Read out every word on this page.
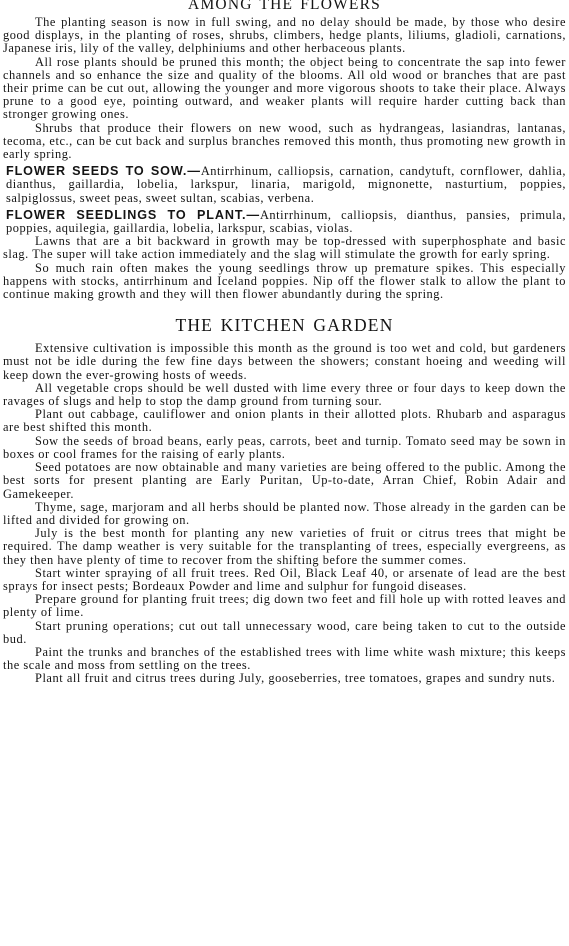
AMONG THE FLOWERS

The planting season is now in full swing, and no delay should be made, by those who desire good displays, in the planting of roses, shrubs, climbers, hedge plants, liliums, gladioli, carnations, Japanese iris, lily of the valley, delphiniums and other herbaceous plants.

All rose plants should be pruned this month; the object being to concentrate the sap into fewer channels and so enhance the size and quality of the blooms. All old wood or branches that are past their prime can be cut out, allowing the younger and more vigorous shoots to take their place. Always prune to a good eye, pointing outward, and weaker plants will require harder cutting back than stronger growing ones.

Shrubs that produce their flowers on new wood, such as hydrangeas, lasiandras, lantanas, tecoma, etc., can be cut back and surplus branches removed this month, thus promoting new growth in early spring.

FLOWER SEEDS TO SOW.—Antirrhinum, calliopsis, carnation, candytuft, cornflower, dahlia, dianthus, gaillardia, lobelia, larkspur, linaria, marigold, mignonette, nasturtium, poppies, salpiglossus, sweet peas, sweet sultan, scabias, verbena.

FLOWER SEEDLINGS TO PLANT.—Antirrhinum, calliopsis, dianthus, pansies, primula, poppies, aquilegia, gaillardia, lobelia, larkspur, scabias, violas.

Lawns that are a bit backward in growth may be top-dressed with superphosphate and basic slag. The super will take action immediately and the slag will stimulate the growth for early spring.

So much rain often makes the young seedlings throw up premature spikes. This especially happens with stocks, antirrhinum and Iceland poppies. Nip off the flower stalk to allow the plant to continue making growth and they will then flower abundantly during the spring.

THE KITCHEN GARDEN

Extensive cultivation is impossible this month as the ground is too wet and cold, but gardeners must not be idle during the few fine days between the showers; constant hoeing and weeding will keep down the ever-growing hosts of weeds.

All vegetable crops should be well dusted with lime every three or four days to keep down the ravages of slugs and help to stop the damp ground from turning sour.

Plant out cabbage, cauliflower and onion plants in their allotted plots. Rhubarb and asparagus are best shifted this month.

Sow the seeds of broad beans, early peas, carrots, beet and turnip. Tomato seed may be sown in boxes or cool frames for the raising of early plants.

Seed potatoes are now obtainable and many varieties are being offered to the public. Among the best sorts for present planting are Early Puritan, Up-to-date, Arran Chief, Robin Adair and Gamekeeper.

Thyme, sage, marjoram and all herbs should be planted now. Those already in the garden can be lifted and divided for growing on.

July is the best month for planting any new varieties of fruit or citrus trees that might be required. The damp weather is very suitable for the transplanting of trees, especially evergreens, as they then have plenty of time to recover from the shifting before the summer comes.

Start winter spraying of all fruit trees. Red Oil, Black Leaf 40, or arsenate of lead are the best sprays for insect pests; Bordeaux Powder and lime and sulphur for fungoid diseases.

Prepare ground for planting fruit trees; dig down two feet and fill hole up with rotted leaves and plenty of lime.

Start pruning operations; cut out tall unnecessary wood, care being taken to cut to the outside bud.

Paint the trunks and branches of the established trees with lime white wash mixture; this keeps the scale and moss from settling on the trees.

Plant all fruit and citrus trees during July, gooseberries, tree tomatoes, grapes and sundry nuts.
